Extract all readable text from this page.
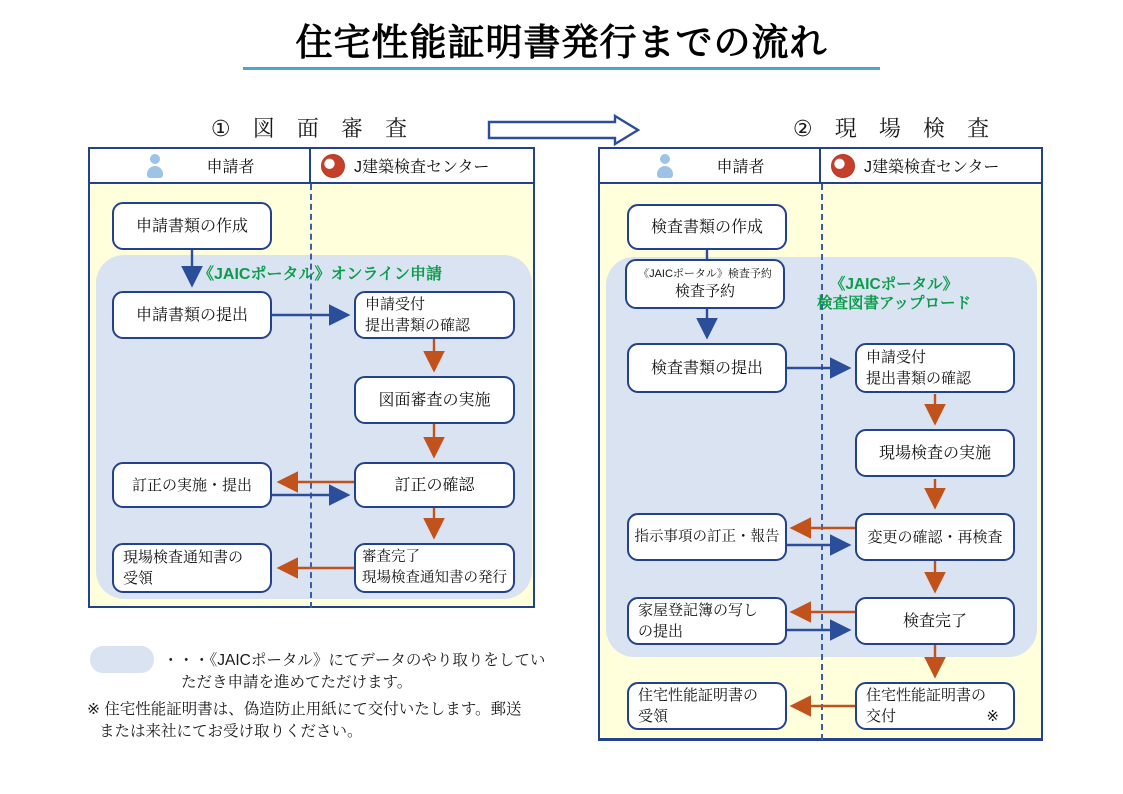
住宅性能証明書発行までの流れ
① 図 面 審 査	② 現 場 検 査
申請者	J建築検査センター
《JAICポータル》オンライン申請
申請書類の作成
申請書類の提出
申請受付
提出書類の確認
図面審査の実施
訂正の確認
訂正の実施・提出
審査完了
現場検査通知書の発行
現場検査通知書の
受領
申請者	J建築検査センター
《JAICポータル》
検査図書アップロード
検査書類の作成
《JAICポータル》検査予約
検査予約
検査書類の提出
申請受付
提出書類の確認
現場検査の実施
変更の確認・再検査
指示事項の訂正・報告
検査完了
家屋登記簿の写し
の提出
住宅性能証明書の
交付	※
住宅性能証明書の
受領
・・・《JAICポータル》にてデータのやり取りをしてい
ただき申請を進めてただけます。
※ 住宅性能証明書は、偽造防止用紙にて交付いたします。郵送
または来社にてお受け取りください。
